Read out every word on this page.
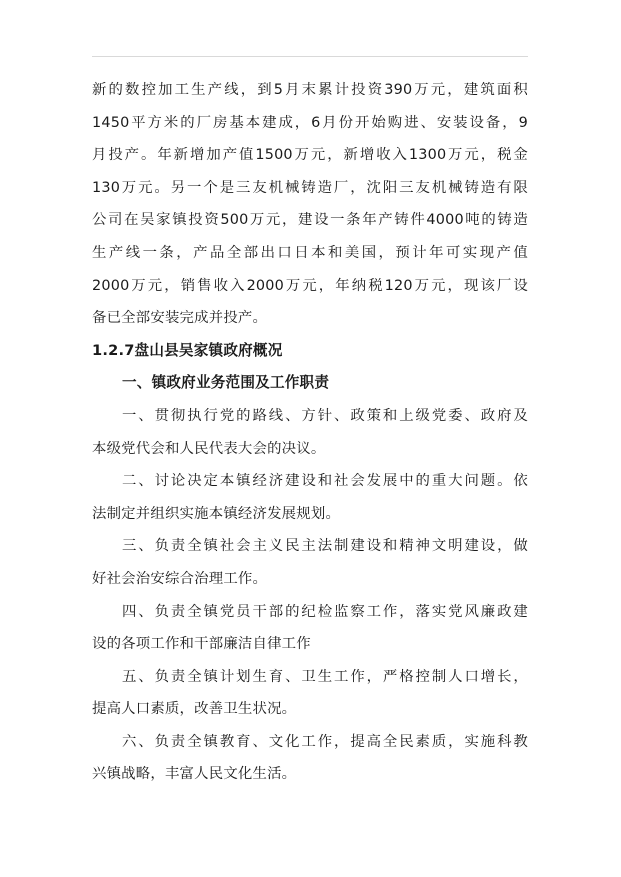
新的数控加工生产线，到5月末累计投资390万元，建筑面积
1450平方米的厂房基本建成，6月份开始购进、安装设备，9
月投产。年新增加产值1500万元，新增收入1300万元，税金
130万元。另一个是三友机械铸造厂，沈阳三友机械铸造有限
公司在吴家镇投资500万元，建设一条年产铸件4000吨的铸造
生产线一条，产品全部出口日本和美国，预计年可实现产值
2000万元，销售收入2000万元，年纳税120万元，现该厂设
备已全部安装完成并投产。
1.2.7盘山县吴家镇政府概况
一、镇政府业务范围及工作职责
一、贯彻执行党的路线、方针、政策和上级党委、政府及
本级党代会和人民代表大会的决议。
二、讨论决定本镇经济建设和社会发展中的重大问题。依
法制定并组织实施本镇经济发展规划。
三、负责全镇社会主义民主法制建设和精神文明建设，做
好社会治安综合治理工作。
四、负责全镇党员干部的纪检监察工作，落实党风廉政建
设的各项工作和干部廉洁自律工作
五、负责全镇计划生育、卫生工作，严格控制人口增长，
提高人口素质，改善卫生状况。
六、负责全镇教育、文化工作，提高全民素质，实施科教
兴镇战略，丰富人民文化生活。
